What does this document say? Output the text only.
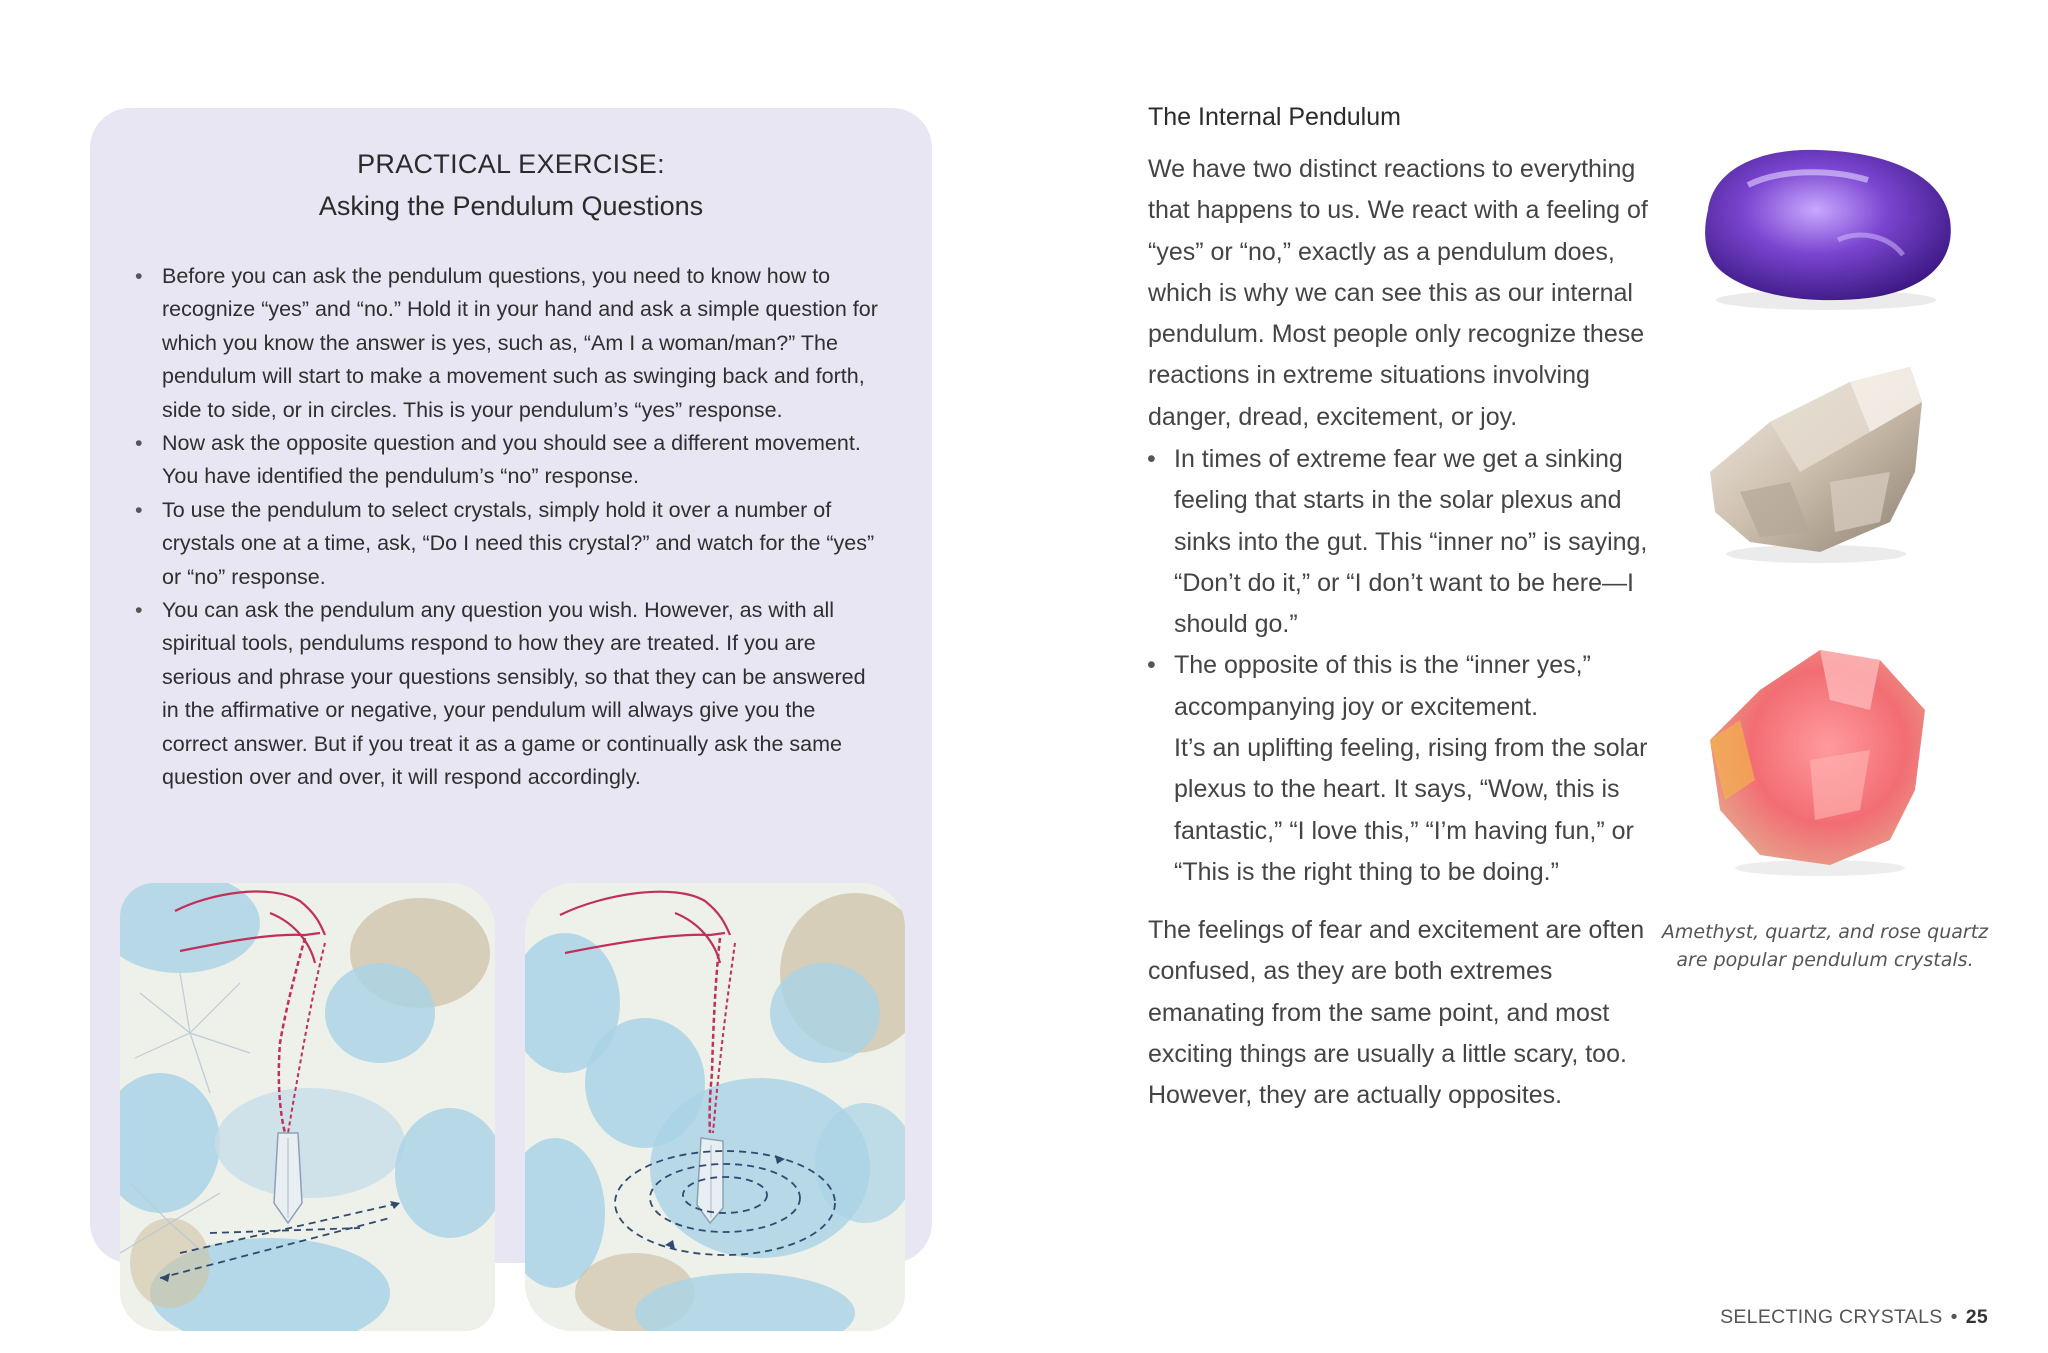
PRACTICAL EXERCISE:
Asking the Pendulum Questions
• Before you can ask the pendulum questions, you need to know how to recognize “yes” and “no.” Hold it in your hand and ask a simple question for which you know the answer is yes, such as, “Am I a woman/man?” The pendulum will start to make a movement such as swinging back and forth, side to side, or in circles. This is your pendulum’s “yes” response.
• Now ask the opposite question and you should see a different movement. You have identified the pendulum’s “no” response.
• To use the pendulum to select crystals, simply hold it over a number of crystals one at a time, ask, “Do I need this crystal?” and watch for the “yes” or “no” response.
• You can ask the pendulum any question you wish. However, as with all spiritual tools, pendulums respond to how they are treated. If you are serious and phrase your questions sensibly, so that they can be answered in the affirmative or negative, your pendulum will always give you the correct answer. But if you treat it as a game or continually ask the same question over and over, it will respond accordingly.
The Internal Pendulum
We have two distinct reactions to everything that happens to us. We react with a feeling of “yes” or “no,” exactly as a pendulum does, which is why we can see this as our internal pendulum. Most people only recognize these reactions in extreme situations involving danger, dread, excitement, or joy.
• In times of extreme fear we get a sinking feeling that starts in the solar plexus and sinks into the gut. This “inner no” is saying, “Don’t do it,” or “I don’t want to be here—I should go.”
• The opposite of this is the “inner yes,” accompanying joy or excitement.
It’s an uplifting feeling, rising from the solar plexus to the heart. It says, “Wow, this is fantastic,” “I love this,” “I’m having fun,” or “This is the right thing to be doing.”
The feelings of fear and excitement are often confused, as they are both extremes emanating from the same point, and most exciting things are usually a little scary, too. However, they are actually opposites.
Amethyst, quartz, and rose quartz are popular pendulum crystals.
SELECTING CRYSTALS • 25
